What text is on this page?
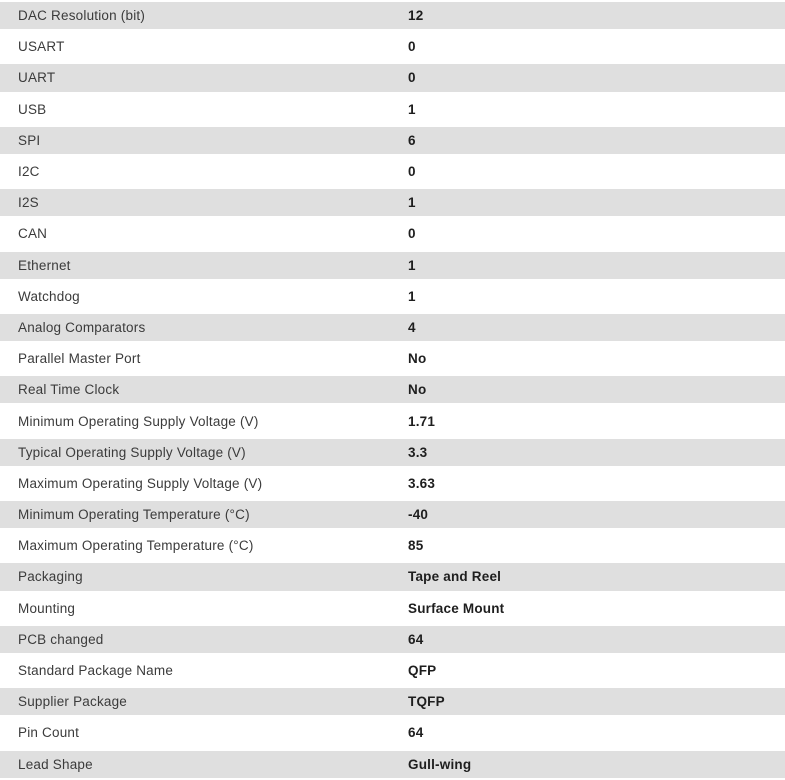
DAC Resolution (bit)	12
USART	0
UART	0
USB	1
SPI	6
I2C	0
I2S	1
CAN	0
Ethernet	1
Watchdog	1
Analog Comparators	4
Parallel Master Port	No
Real Time Clock	No
Minimum Operating Supply Voltage (V)	1.71
Typical Operating Supply Voltage (V)	3.3
Maximum Operating Supply Voltage (V)	3.63
Minimum Operating Temperature (°C)	-40
Maximum Operating Temperature (°C)	85
Packaging	Tape and Reel
Mounting	Surface Mount
PCB changed	64
Standard Package Name	QFP
Supplier Package	TQFP
Pin Count	64
Lead Shape	Gull-wing
